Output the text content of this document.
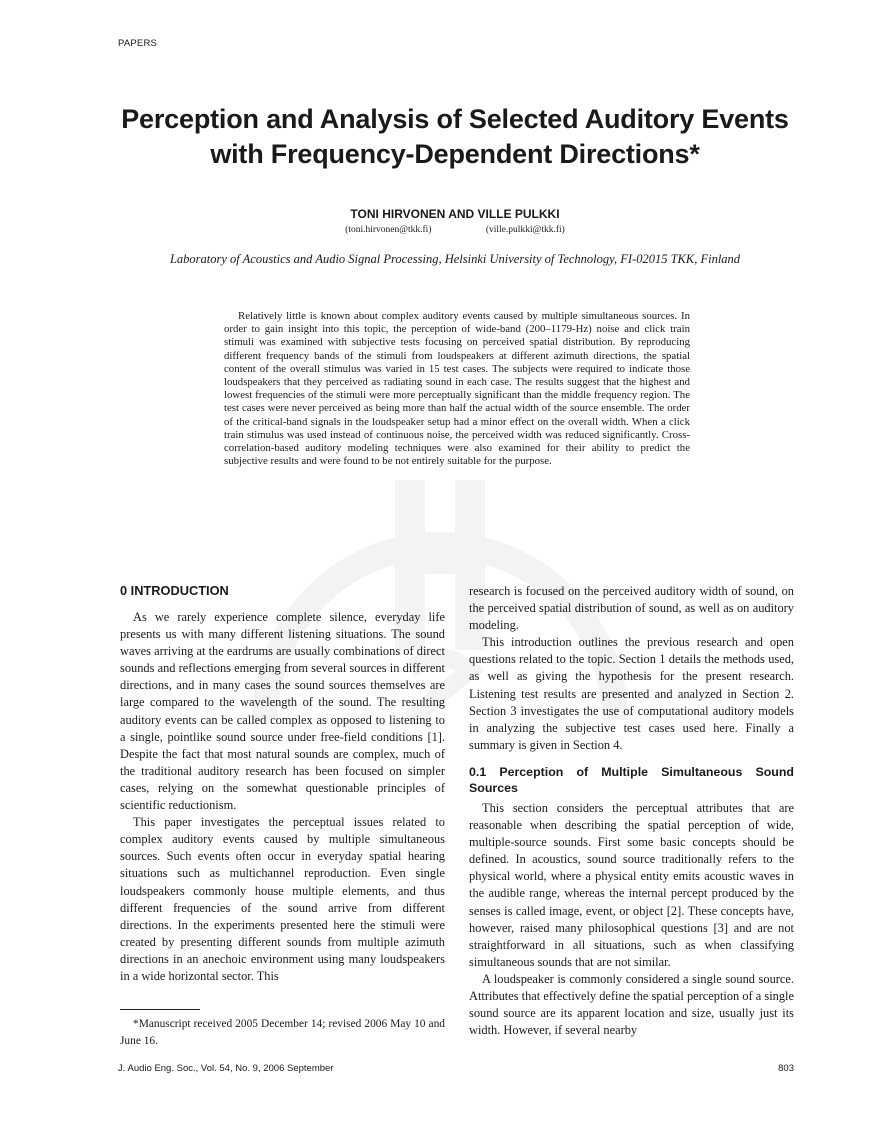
PAPERS
Perception and Analysis of Selected Auditory Events with Frequency-Dependent Directions*
TONI HIRVONEN AND VILLE PULKKI
(toni.hirvonen@tkk.fi)	(ville.pulkki@tkk.fi)
Laboratory of Acoustics and Audio Signal Processing, Helsinki University of Technology, FI-02015 TKK, Finland
Relatively little is known about complex auditory events caused by multiple simultaneous sources. In order to gain insight into this topic, the perception of wide-band (200–1179-Hz) noise and click train stimuli was examined with subjective tests focusing on perceived spatial distribution. By reproducing different frequency bands of the stimuli from loudspeakers at different azimuth directions, the spatial content of the overall stimulus was varied in 15 test cases. The subjects were required to indicate those loudspeakers that they perceived as radiating sound in each case. The results suggest that the highest and lowest frequencies of the stimuli were more perceptually significant than the middle frequency region. The test cases were never perceived as being more than half the actual width of the source ensemble. The order of the critical-band signals in the loudspeaker setup had a minor effect on the overall width. When a click train stimulus was used instead of continuous noise, the perceived width was reduced significantly. Cross-correlation-based auditory modeling techniques were also examined for their ability to predict the subjective results and were found to be not entirely suitable for the purpose.
0 INTRODUCTION

As we rarely experience complete silence, everyday life presents us with many different listening situations. The sound waves arriving at the eardrums are usually combinations of direct sounds and reflections emerging from several sources in different directions, and in many cases the sound sources themselves are large compared to the wavelength of the sound. The resulting auditory events can be called complex as opposed to listening to a single, pointlike sound source under free-field conditions [1]. Despite the fact that most natural sounds are complex, much of the traditional auditory research has been focused on simpler cases, relying on the somewhat questionable principles of scientific reductionism.

This paper investigates the perceptual issues related to complex auditory events caused by multiple simultaneous sources. Such events often occur in everyday spatial hearing situations such as multichannel reproduction. Even single loudspeakers commonly house multiple elements, and thus different frequencies of the sound arrive from different directions. In the experiments presented here the stimuli were created by presenting different sounds from multiple azimuth directions in an anechoic environment using many loudspeakers in a wide horizontal sector. This

research is focused on the perceived auditory width of sound, on the perceived spatial distribution of sound, as well as on auditory modeling.

This introduction outlines the previous research and open questions related to the topic. Section 1 details the methods used, as well as giving the hypothesis for the present research. Listening test results are presented and analyzed in Section 2. Section 3 investigates the use of computational auditory models in analyzing the subjective test cases used here. Finally a summary is given in Section 4.

0.1 Perception of Multiple Simultaneous Sound Sources

This section considers the perceptual attributes that are reasonable when describing the spatial perception of wide, multiple-source sounds. First some basic concepts should be defined. In acoustics, sound source traditionally refers to the physical world, where a physical entity emits acoustic waves in the audible range, whereas the internal percept produced by the senses is called image, event, or object [2]. These concepts have, however, raised many philosophical questions [3] and are not straightforward in all situations, such as when classifying simultaneous sounds that are not similar.

A loudspeaker is commonly considered a single sound source. Attributes that effectively define the spatial perception of a single sound source are its apparent location and size, usually just its width. However, if several nearby

*Manuscript received 2005 December 14; revised 2006 May 10 and June 16.
J. Audio Eng. Soc., Vol. 54, No. 9, 2006 September	803
